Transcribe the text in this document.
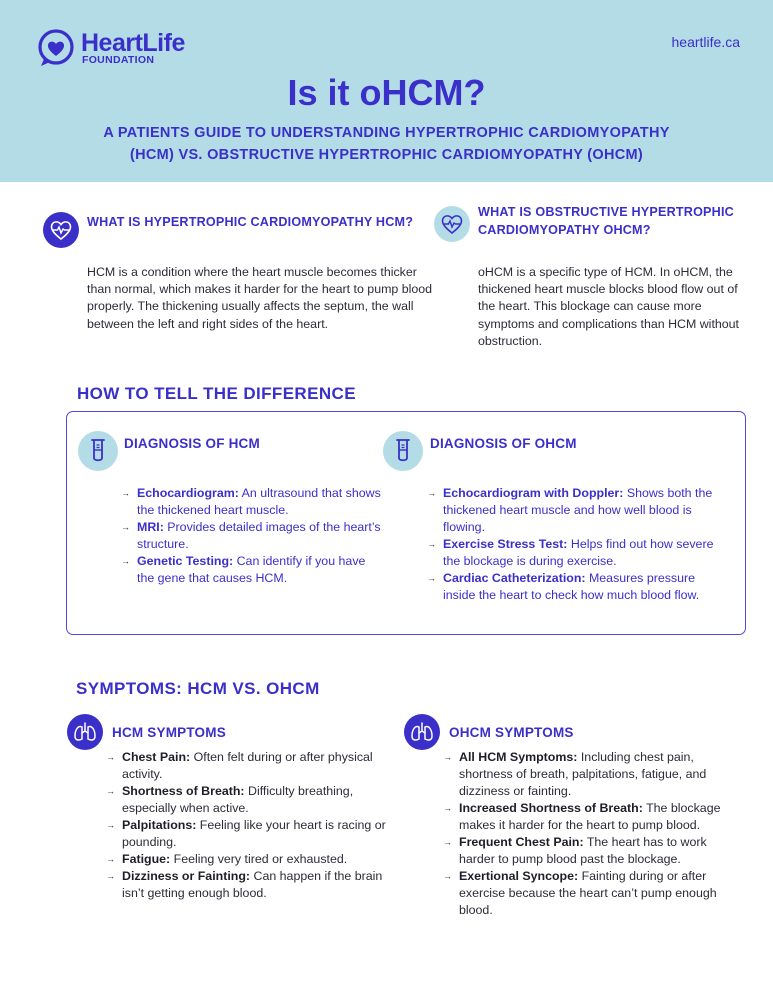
HeartLife
FOUNDATION
heartlife.ca
Is it oHCM?

A PATIENTS GUIDE TO UNDERSTANDING HYPERTROPHIC CARDIOMYOPATHY
(HCM) VS. OBSTRUCTIVE HYPERTROPHIC CARDIOMYOPATHY (OHCM)

WHAT IS HYPERTROPHIC CARDIOMYOPATHY HCM?

HCM is a condition where the heart muscle becomes thicker than normal, which makes it harder for the heart to pump blood properly. The thickening usually affects the septum, the wall between the left and right sides of the heart.

WHAT IS OBSTRUCTIVE HYPERTROPHIC CARDIOMYOPATHY OHCM?

oHCM is a specific type of HCM. In oHCM, the thickened heart muscle blocks blood flow out of the heart. This blockage can cause more symptoms and complications than HCM without obstruction.

HOW TO TELL THE DIFFERENCE
DIAGNOSIS OF HCM
→ Echocardiogram: An ultrasound that shows the thickened heart muscle.
→ MRI: Provides detailed images of the heart’s structure.
→ Genetic Testing: Can identify if you have the gene that causes HCM.
DIAGNOSIS OF OHCM
→ Echocardiogram with Doppler: Shows both the thickened heart muscle and how well blood is flowing.
→ Exercise Stress Test: Helps find out how severe the blockage is during exercise.
→ Cardiac Catheterization: Measures pressure inside the heart to check how much blood flow.
SYMPTOMS: HCM VS. OHCM
HCM SYMPTOMS
→ Chest Pain: Often felt during or after physical activity.
→ Shortness of Breath: Difficulty breathing, especially when active.
→ Palpitations: Feeling like your heart is racing or pounding.
→ Fatigue: Feeling very tired or exhausted.
→ Dizziness or Fainting: Can happen if the brain isn’t getting enough blood.
OHCM SYMPTOMS
→ All HCM Symptoms: Including chest pain, shortness of breath, palpitations, fatigue, and dizziness or fainting.
→ Increased Shortness of Breath: The blockage makes it harder for the heart to pump blood.
→ Frequent Chest Pain: The heart has to work harder to pump blood past the blockage.
→ Exertional Syncope: Fainting during or after exercise because the heart can’t pump enough blood.
